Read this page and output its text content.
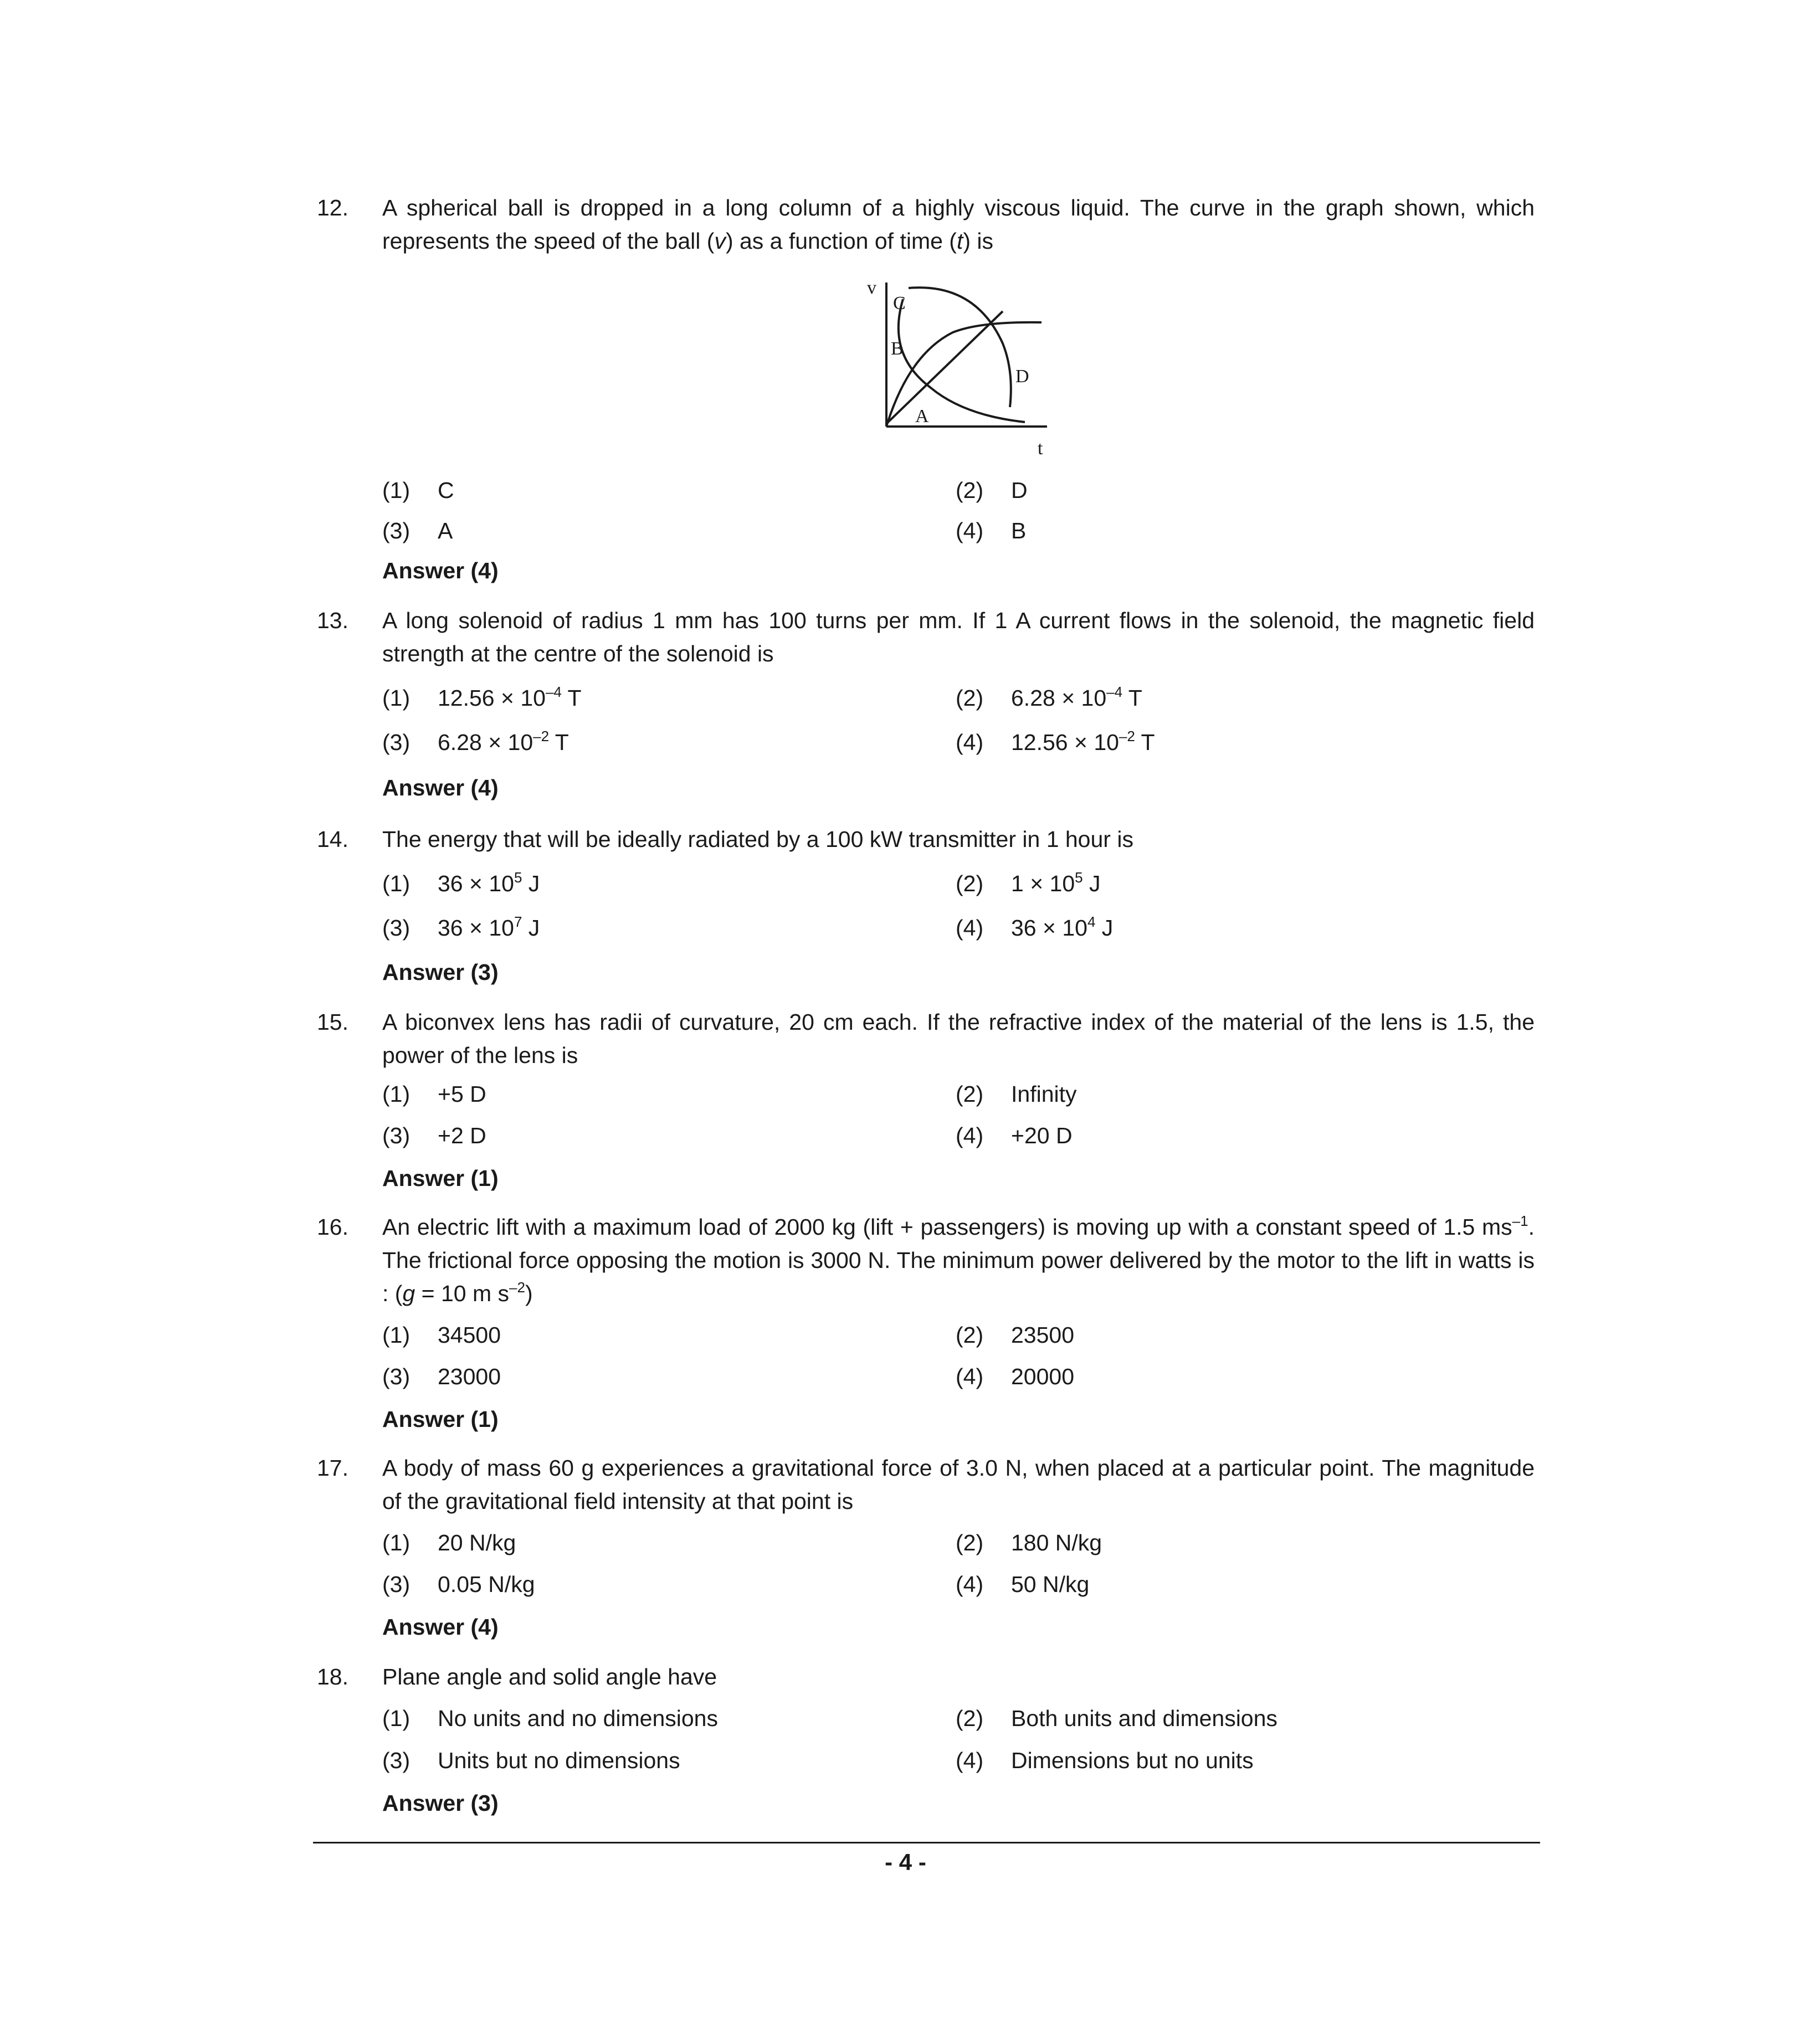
12. A spherical ball is dropped in a long column of a highly viscous liquid. The curve in the graph shown, which represents the speed of the ball (v) as a function of time (t) is
v
t
C
B
D
A
(1) C	(2) D
(3) A	(4) B
Answer (4)
13. A long solenoid of radius 1 mm has 100 turns per mm. If 1 A current flows in the solenoid, the magnetic field strength at the centre of the solenoid is
(1) $12.56 \times 10^{-4}$ T	(2) $6.28 \times 10^{-4}$ T
(3) $6.28 \times 10^{-2}$ T	(4) $12.56 \times 10^{-2}$ T
Answer (4)
14. The energy that will be ideally radiated by a 100 kW transmitter in 1 hour is
(1) $36 \times 10^5$ J	(2) $1 \times 10^5$ J
(3) $36 \times 10^7$ J	(4) $36 \times 10^4$ J
Answer (3)
15. A biconvex lens has radii of curvature, 20 cm each. If the refractive index of the material of the lens is 1.5, the power of the lens is
(1) +5 D	(2) Infinity
(3) +2 D	(4) +20 D
Answer (1)
16. An electric lift with a maximum load of 2000 kg (lift + passengers) is moving up with a constant speed of 1.5 $ms^{-1}$. The frictional force opposing the motion is 3000 N. The minimum power delivered by the motor to the lift in watts is : (g = 10 m $s^{-2}$)
(1) 34500	(2) 23500
(3) 23000	(4) 20000
Answer (1)
17. A body of mass 60 g experiences a gravitational force of 3.0 N, when placed at a particular point. The magnitude of the gravitational field intensity at that point is
(1) 20 N/kg	(2) 180 N/kg
(3) 0.05 N/kg	(4) 50 N/kg
Answer (4)
18. Plane angle and solid angle have
(1) No units and no dimensions	(2) Both units and dimensions
(3) Units but no dimensions	(4) Dimensions but no units
Answer (3)
- 4 -
